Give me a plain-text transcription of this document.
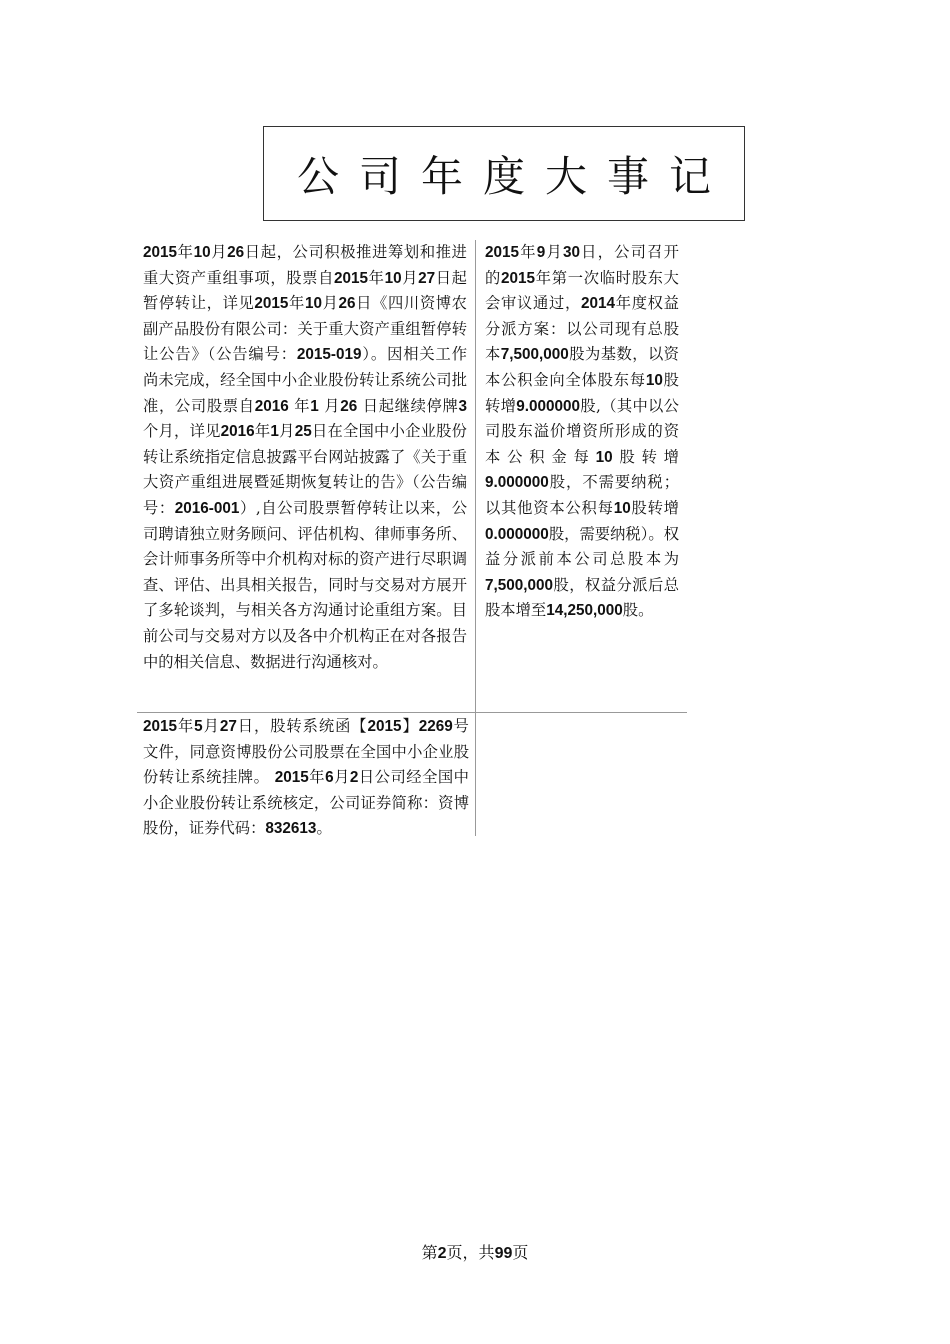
公司年度大事记
2015年10月26日起，公司积极推进筹划和推进重大资产重组事项，股票自2015年10月27日起暂停转让，详见2015年10月26日《四川资博农副产品股份有限公司：关于重大资产重组暂停转让公告》（公告编号：2015-019）。因相关工作尚未完成，经全国中小企业股份转让系统公司批准，公司股票自2016 年1 月26 日起继续停牌3 个月，详见2016年1月25日在全国中小企业股份转让系统指定信息披露平台网站披露了《关于重大资产重组进展暨延期恢复转让的告》（公告编号：2016-001）,自公司股票暂停转让以来，公司聘请独立财务顾问、评估机构、律师事务所、会计师事务所等中介机构对标的资产进行尽职调查、评估、出具相关报告，同时与交易对方展开了多轮谈判，与相关各方沟通讨论重组方案。目前公司与交易对方以及各中介机构正在对各报告中的相关信息、数据进行沟通核对。
2015年9月30日，公司召开的2015年第一次临时股东大会审议通过，2014年度权益分派方案：以公司现有总股本7,500,000股为基数，以资本公积金向全体股东每10股转增9.000000股,（其中以公司股东溢价增资所形成的资本公积金每10股转增9.000000股，不需要纳税；以其他资本公积每10股转增0.000000股，需要纳税）。权益分派前本公司总股本为7,500,000股，权益分派后总股本增至14,250,000股。
2015年5月27日，股转系统函【2015】2269号文件，同意资博股份公司股票在全国中小企业股份转让系统挂牌。 2015年6月2日公司经全国中小企业股份转让系统核定，公司证券简称：资博股份，证券代码：832613。
第2页，共99页
